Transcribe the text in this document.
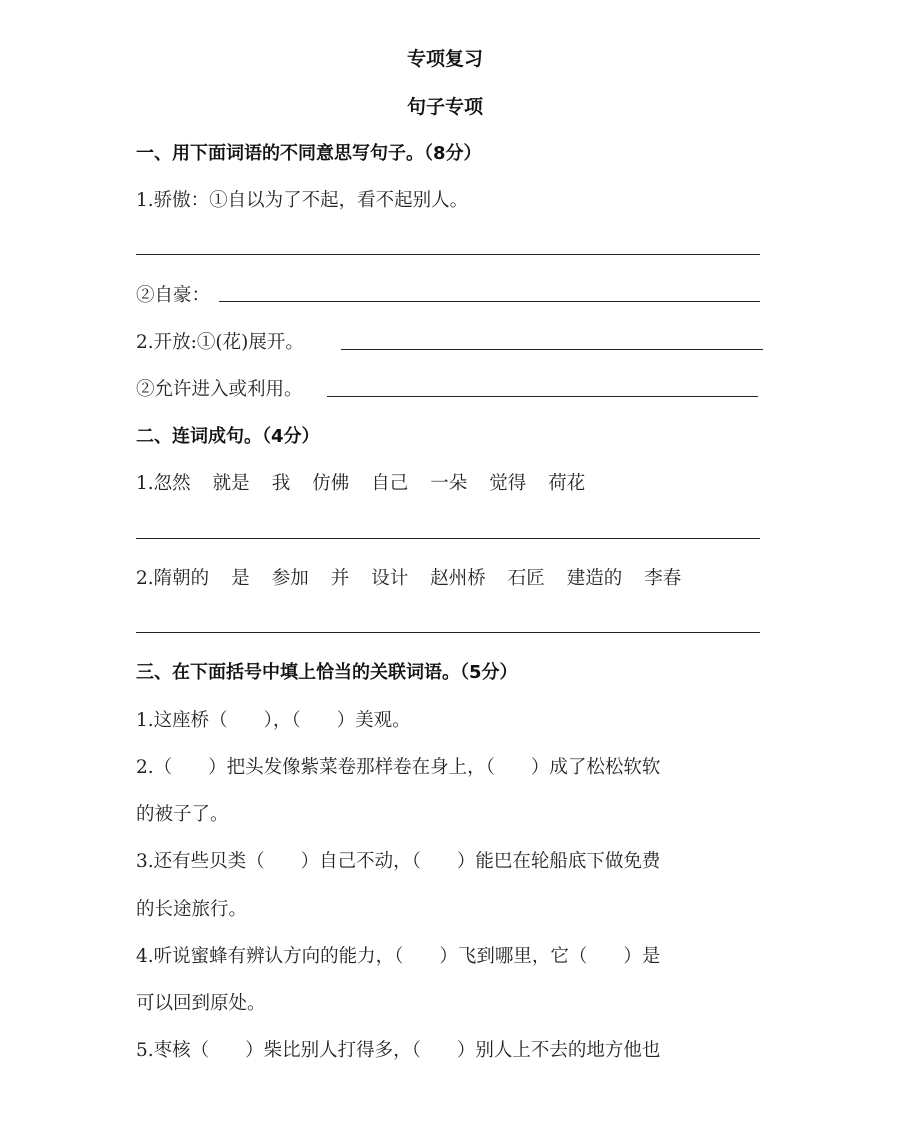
专项复习
句子专项
一、用下面词语的不同意思写句子。（8分）
1.骄傲：①自以为了不起，看不起别人。
②自豪：
2.开放:①(花)展开。
②允许进入或利用。
二、连词成句。（4分）
1.忽然 就是 我 仿佛 自己 一朵 觉得 荷花
2.隋朝的 是 参加 并 设计 赵州桥 石匠 建造的 李春
三、在下面括号中填上恰当的关联词语。（5分）
1.这座桥（ ），（ ）美观。
2.（ ）把头发像紫菜卷那样卷在身上，（ ）成了松松软软
的被子了。
3.还有些贝类（ ）自己不动，（ ）能巴在轮船底下做免费
的长途旅行。
4.听说蜜蜂有辨认方向的能力，（ ）飞到哪里，它（ ）是
可以回到原处。
5.枣核（ ）柴比别人打得多，（ ）别人上不去的地方他也
